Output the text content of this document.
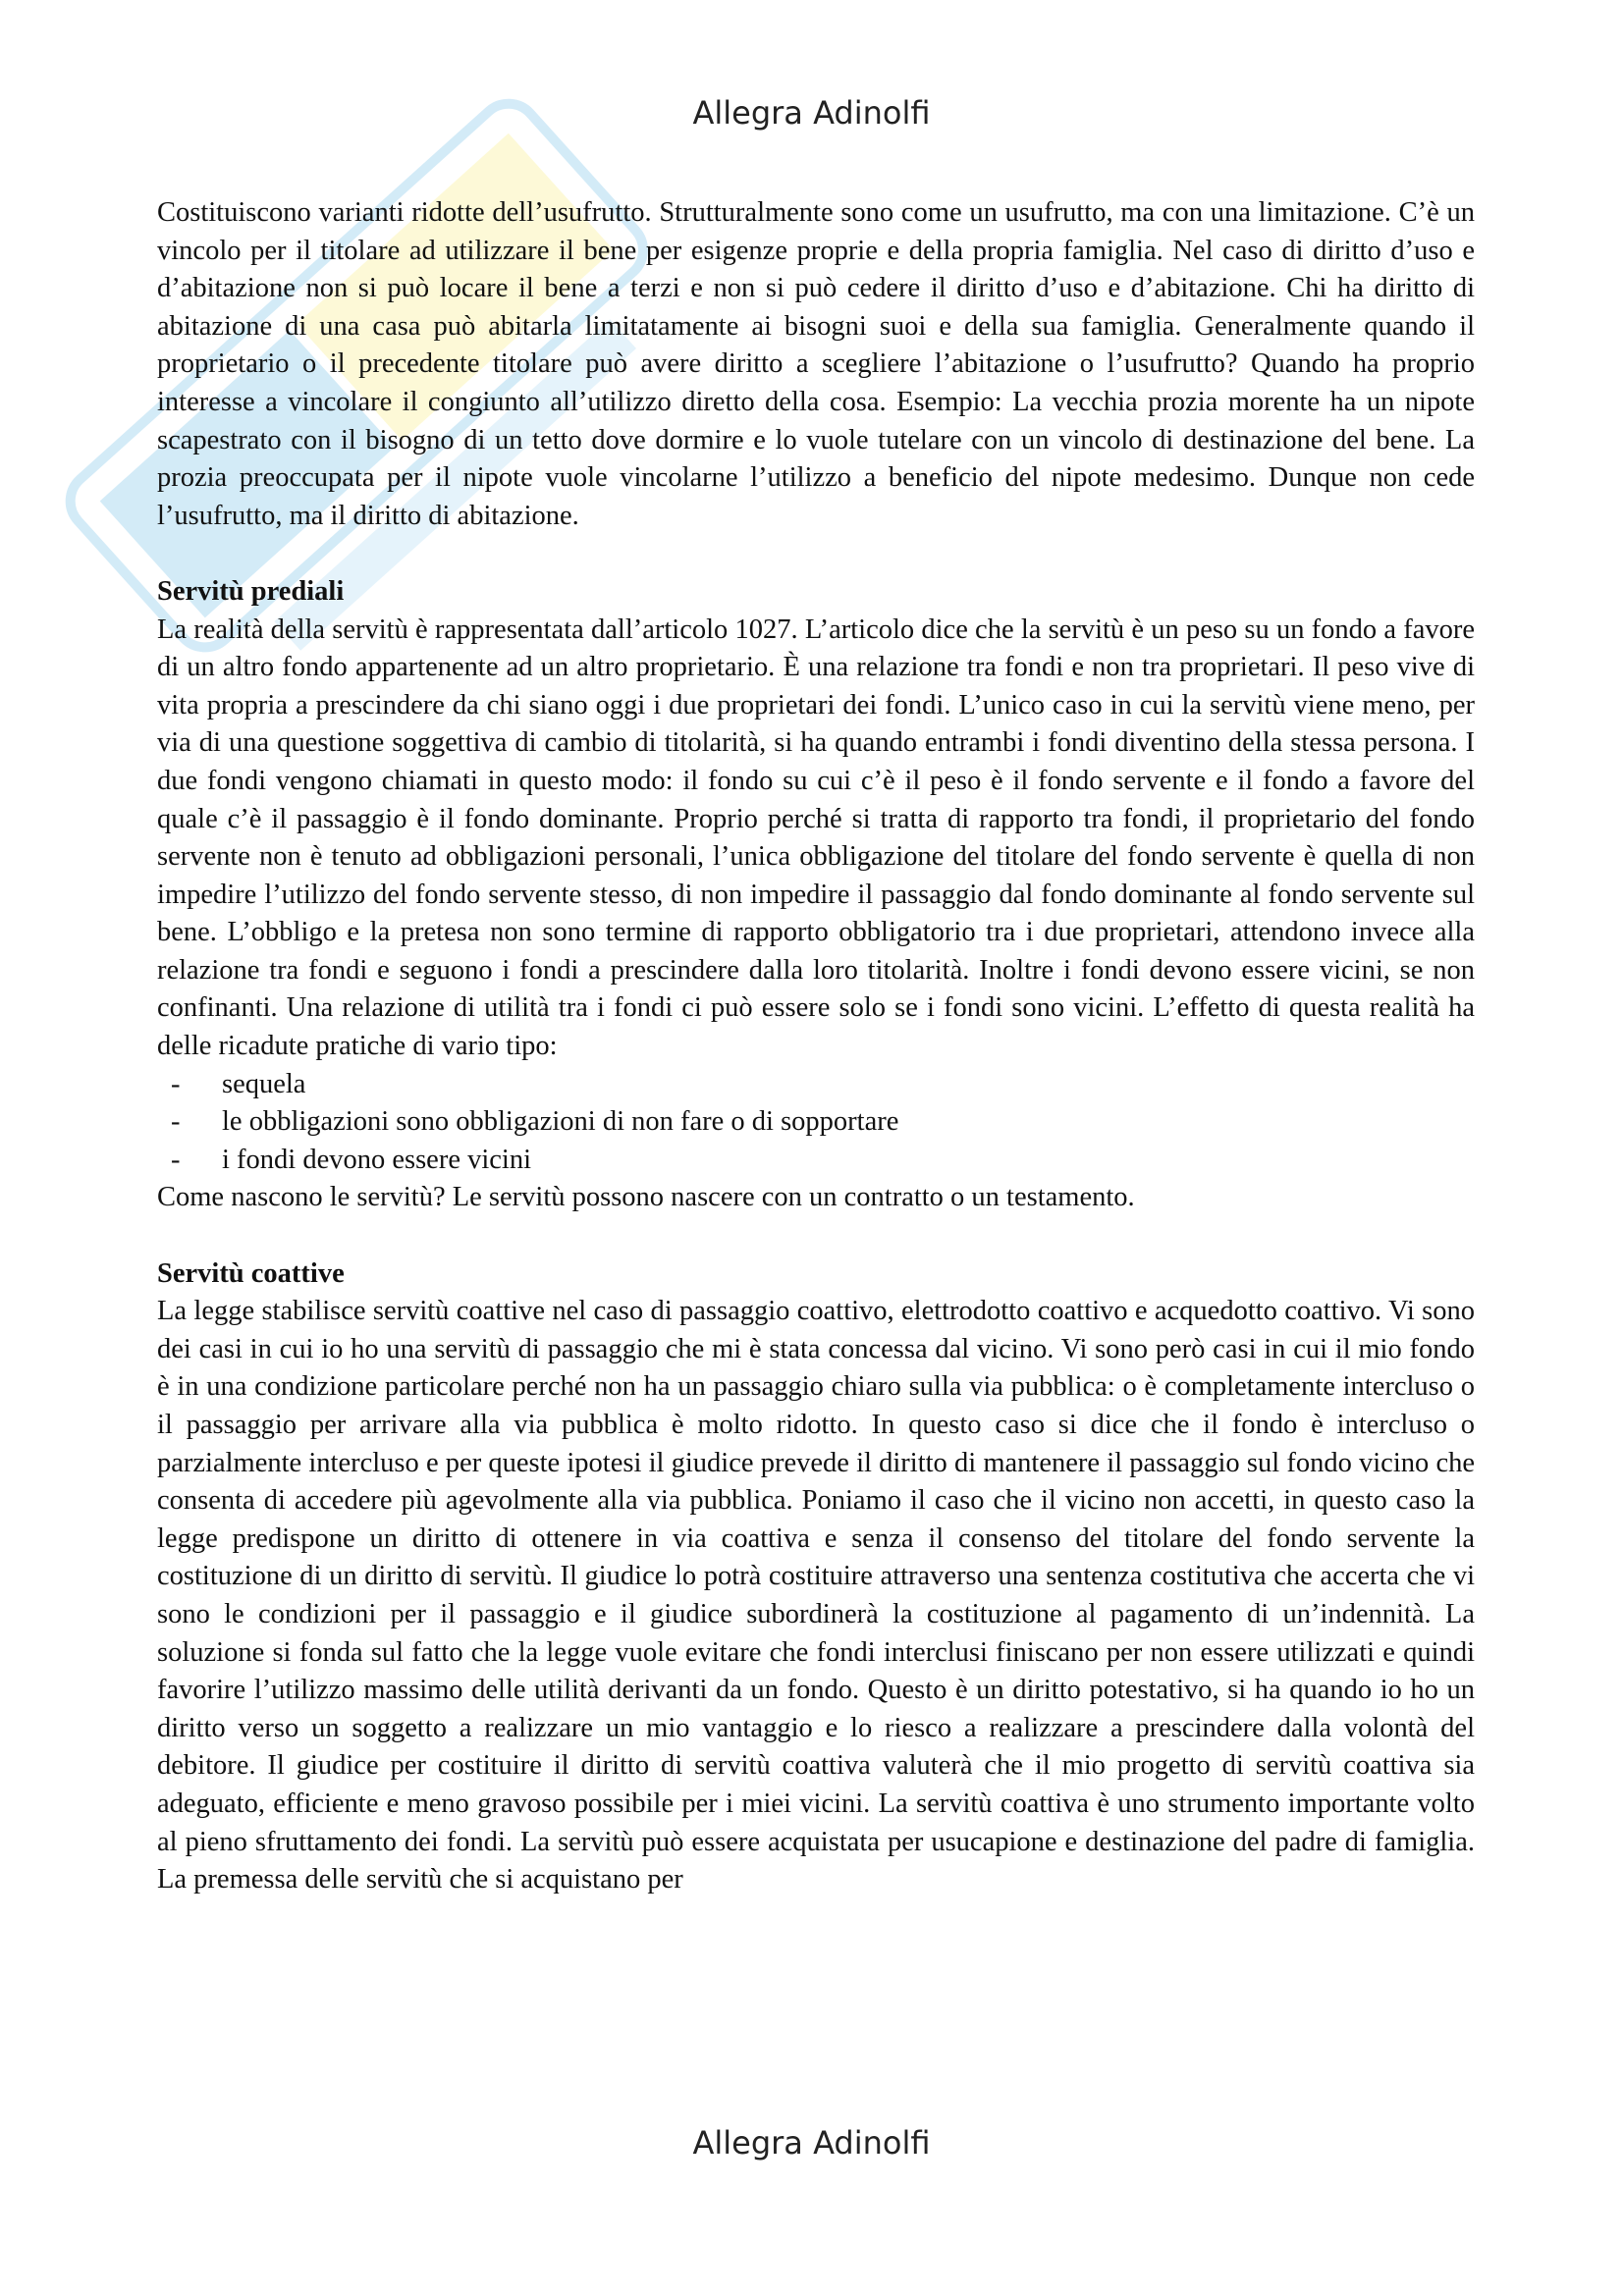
Allegra Adinolfi

Costituiscono varianti ridotte dell’usufrutto. Strutturalmente sono come un usufrutto, ma con una limitazione. C’è un vincolo per il titolare ad utilizzare il bene per esigenze proprie e della propria famiglia. Nel caso di diritto d’uso e d’abitazione non si può locare il bene a terzi e non si può cedere il diritto d’uso e d’abitazione. Chi ha diritto di abitazione di una casa può abitarla limitatamente ai bisogni suoi e della sua famiglia. Generalmente quando il proprietario o il precedente titolare può avere diritto a scegliere l’abitazione o l’usufrutto? Quando ha proprio interesse a vincolare il congiunto all’utilizzo diretto della cosa. Esempio: La vecchia prozia morente ha un nipote scapestrato con il bisogno di un tetto dove dormire e lo vuole tutelare con un vincolo di destinazione del bene. La prozia preoccupata per il nipote vuole vincolarne l’utilizzo a beneficio del nipote medesimo. Dunque non cede l’usufrutto, ma il diritto di abitazione.

Servitù prediali

La realità della servitù è rappresentata dall’articolo 1027. L’articolo dice che la servitù è un peso su un fondo a favore di un altro fondo appartenente ad un altro proprietario. È una relazione tra fondi e non tra proprietari. Il peso vive di vita propria a prescindere da chi siano oggi i due proprietari dei fondi. L’unico caso in cui la servitù viene meno, per via di una questione soggettiva di cambio di titolarità, si ha quando entrambi i fondi diventino della stessa persona. I due fondi vengono chiamati in questo modo: il fondo su cui c’è il peso è il fondo servente e il fondo a favore del quale c’è il passaggio è il fondo dominante. Proprio perché si tratta di rapporto tra fondi, il proprietario del fondo servente non è tenuto ad obbligazioni personali, l’unica obbligazione del titolare del fondo servente è quella di non impedire l’utilizzo del fondo servente stesso, di non impedire il passaggio dal fondo dominante al fondo servente sul bene. L’obbligo e la pretesa non sono termine di rapporto obbligatorio tra i due proprietari, attendono invece alla relazione tra fondi e seguono i fondi a prescindere dalla loro titolarità. Inoltre i fondi devono essere vicini, se non confinanti. Una relazione di utilità tra i fondi ci può essere solo se i fondi sono vicini. L’effetto di questa realità ha delle ricadute pratiche di vario tipo:

- sequela
- le obbligazioni sono obbligazioni di non fare o di sopportare
- i fondi devono essere vicini

Come nascono le servitù? Le servitù possono nascere con un contratto o un testamento.

Servitù coattive

La legge stabilisce servitù coattive nel caso di passaggio coattivo, elettrodotto coattivo e acquedotto coattivo. Vi sono dei casi in cui io ho una servitù di passaggio che mi è stata concessa dal vicino. Vi sono però casi in cui il mio fondo è in una condizione particolare perché non ha un passaggio chiaro sulla via pubblica: o è completamente intercluso o il passaggio per arrivare alla via pubblica è molto ridotto. In questo caso si dice che il fondo è intercluso o parzialmente intercluso e per queste ipotesi il giudice prevede il diritto di mantenere il passaggio sul fondo vicino che consenta di accedere più agevolmente alla via pubblica. Poniamo il caso che il vicino non accetti, in questo caso la legge predispone un diritto di ottenere in via coattiva e senza il consenso del titolare del fondo servente la costituzione di un diritto di servitù. Il giudice lo potrà costituire attraverso una sentenza costitutiva che accerta che vi sono le condizioni per il passaggio e il giudice subordinerà la costituzione al pagamento di un’indennità. La soluzione si fonda sul fatto che la legge vuole evitare che fondi interclusi finiscano per non essere utilizzati e quindi favorire l’utilizzo massimo delle utilità derivanti da un fondo. Questo è un diritto potestativo, si ha quando io ho un diritto verso un soggetto a realizzare un mio vantaggio e lo riesco a realizzare a prescindere dalla volontà del debitore. Il giudice per costituire il diritto di servitù coattiva valuterà che il mio progetto di servitù coattiva sia adeguato, efficiente e meno gravoso possibile per i miei vicini. La servitù coattiva è uno strumento importante volto al pieno sfruttamento dei fondi. La servitù può essere acquistata per usucapione e destinazione del padre di famiglia. La premessa delle servitù che si acquistano per

Allegra Adinolfi
